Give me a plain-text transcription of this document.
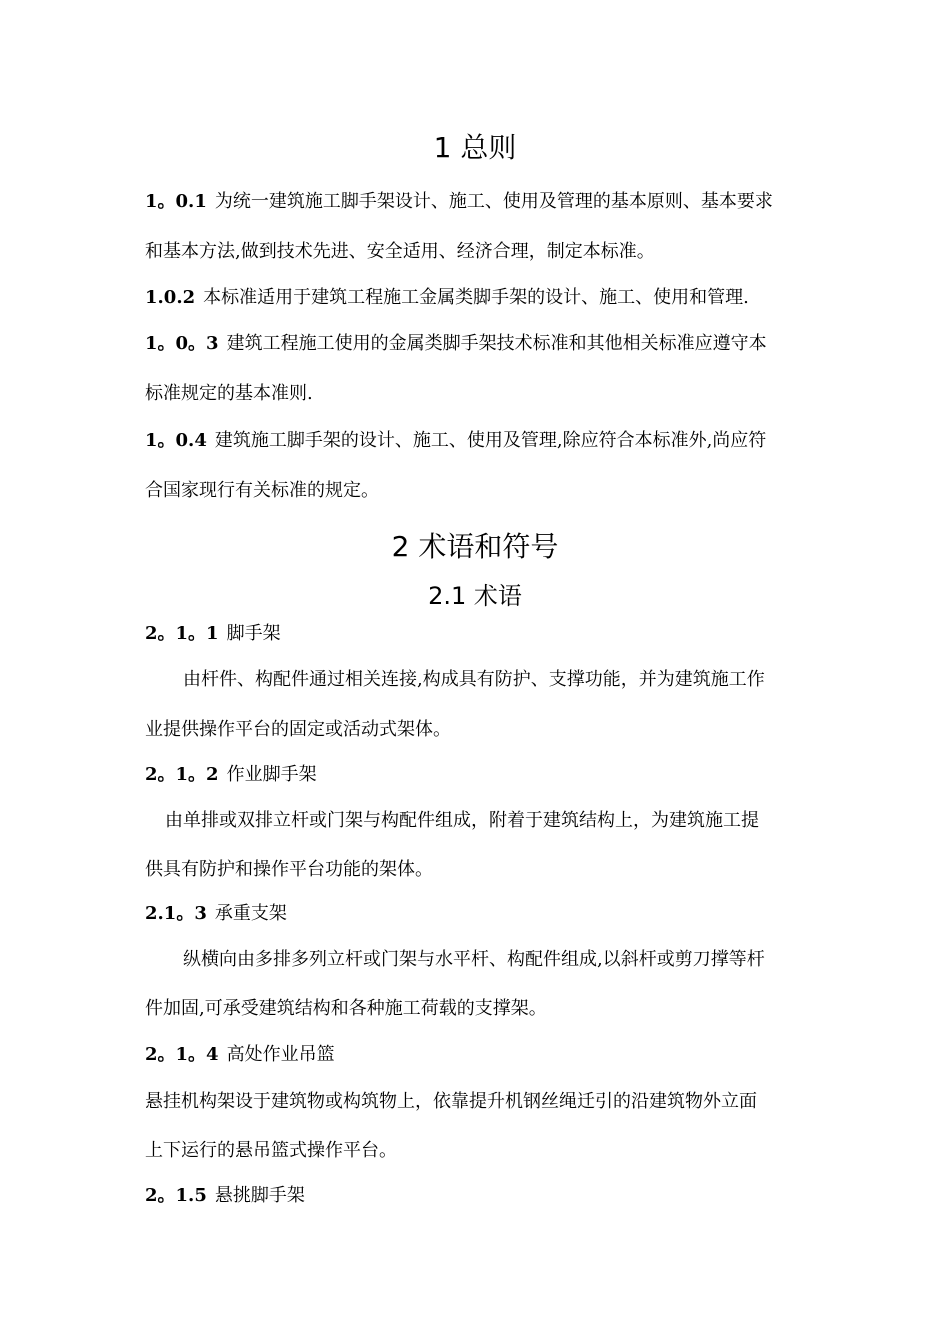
1 总则
1。0.1 为统一建筑施工脚手架设计、施工、使用及管理的基本原则、基本要求
和基本方法,做到技术先进、安全适用、经济合理，制定本标准。
1.0.2 本标准适用于建筑工程施工金属类脚手架的设计、施工、使用和管理.
1。0。3 建筑工程施工使用的金属类脚手架技术标准和其他相关标准应遵守本
标准规定的基本准则.
1。0.4 建筑施工脚手架的设计、施工、使用及管理,除应符合本标准外,尚应符
合国家现行有关标准的规定。
2 术语和符号
2.1 术语
2。1。1 脚手架
由杆件、构配件通过相关连接,构成具有防护、支撑功能，并为建筑施工作
业提供操作平台的固定或活动式架体。
2。1。2 作业脚手架
由单排或双排立杆或门架与构配件组成，附着于建筑结构上，为建筑施工提
供具有防护和操作平台功能的架体。
2.1。3 承重支架
纵横向由多排多列立杆或门架与水平杆、构配件组成,以斜杆或剪刀撑等杆
件加固,可承受建筑结构和各种施工荷载的支撑架。
2。1。4 高处作业吊篮
悬挂机构架设于建筑物或构筑物上，依靠提升机钢丝绳迁引的沿建筑物外立面
上下运行的悬吊篮式操作平台。
2。1.5 悬挑脚手架
